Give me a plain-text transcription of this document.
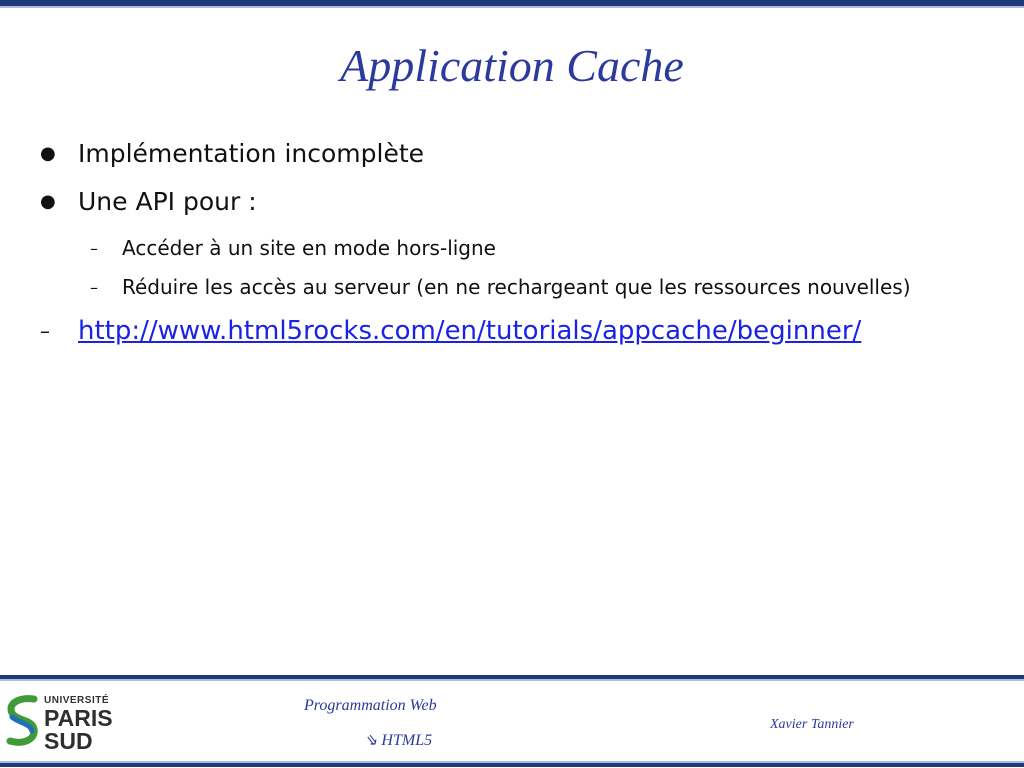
Application Cache
● Implémentation incomplète
● Une API pour :
– Accéder à un site en mode hors-ligne
– Réduire les accès au serveur (en ne rechargeant que les ressources nouvelles)
– http://www.html5rocks.com/en/tutorials/appcache/beginner/
UNIVERSITÉ
PARIS
SUD
Programmation Web
⇘ HTML5
Xavier Tannier
